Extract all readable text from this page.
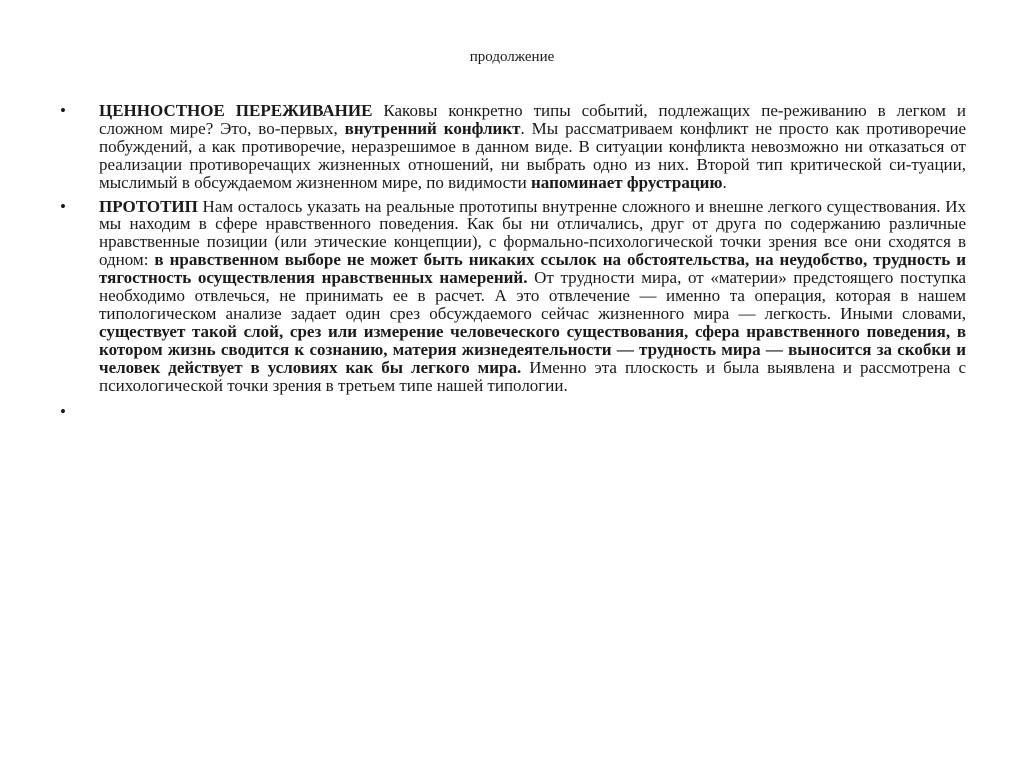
продолжение
•	ЦЕННОСТНОЕ ПЕРЕЖИВАНИЕ Каковы конкретно типы событий, подлежащих пе-реживанию в легком и сложном мире? Это, во-первых, внутренний конфликт. Мы рассматриваем конфликт не просто как противоречие побуждений, а как противоречие, неразрешимое в данном виде. В ситуации конфликта невозможно ни отказаться от реализации противоречащих жизненных отношений, ни выбрать одно из них. Второй тип критической си-туации, мыслимый в обсуждаемом жизненном мире, по видимости напоминает фрустрацию.
•	ПРОТОТИП Нам осталось указать на реальные прототипы внутренне сложного и внешне легкого существования. Их мы находим в сфере нравственного поведения. Как бы ни отличались, друг от друга по содержанию различные нравственные позиции (или этические концепции), с формально-психологической точки зрения все они сходятся в одном: в нравственном выборе не может быть никаких ссылок на обстоятельства, на неудобство, трудность и тягостность осуществления нравственных намерений. От трудности мира, от «материи» предстоящего поступка необходимо отвлечься, не принимать ее в расчет. А это отвлечение — именно та операция, которая в нашем типологическом анализе задает один срез обсуждаемого сейчас жизненного мира — легкость. Иными словами, существует такой слой, срез или измерение человеческого существования, сфера нравственного поведения, в котором жизнь сводится к сознанию, материя жизнедеятельности — трудность мира — выносится за скобки и человек действует в условиях как бы легкого мира. Именно эта плоскость и была выявлена и рассмотрена с психологической точки зрения в третьем типе нашей типологии.
•
